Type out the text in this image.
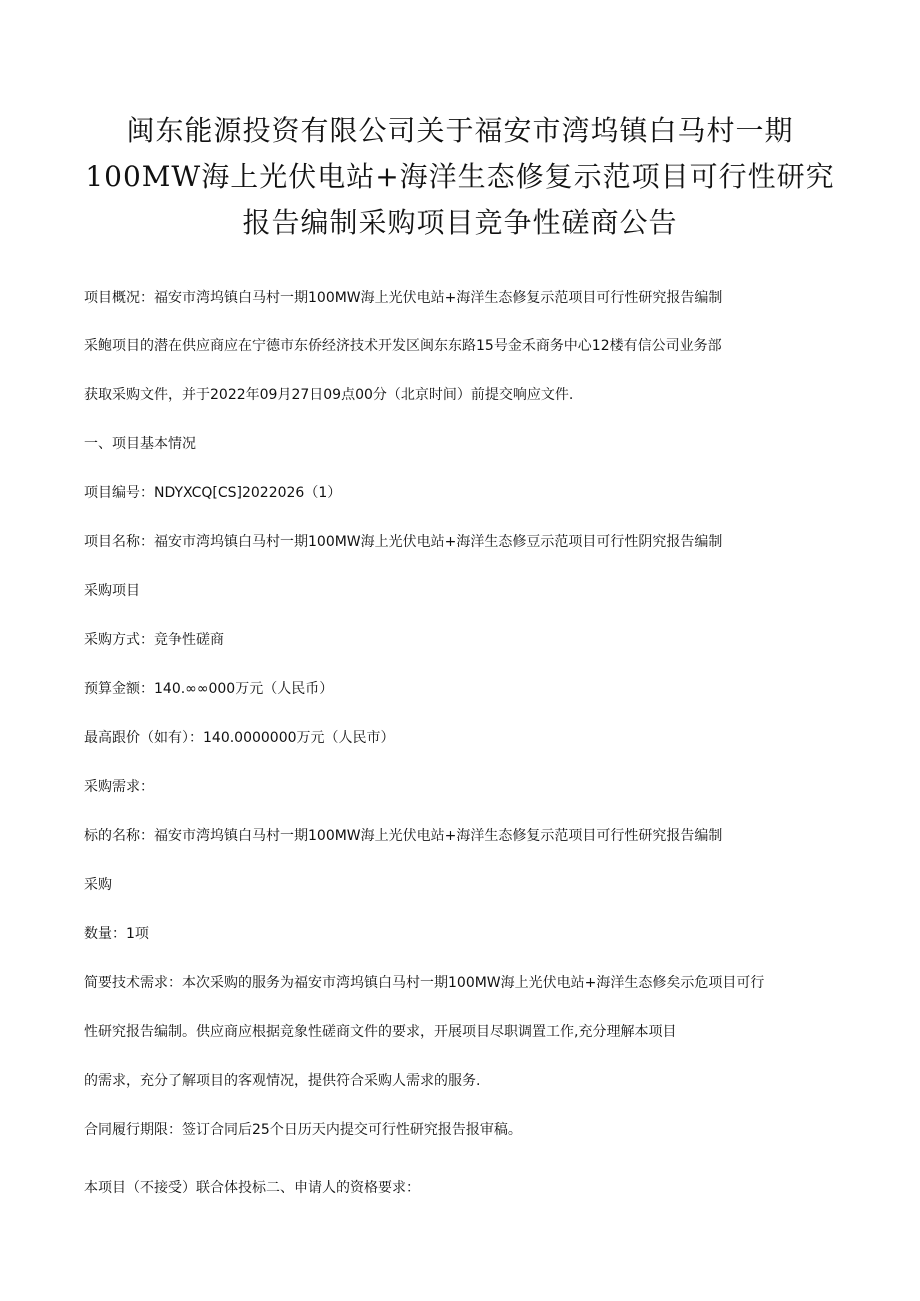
闽东能源投资有限公司关于福安市湾坞镇白马村一期
100MW海上光伏电站+海洋生态修复示范项目可行性研究
报告编制采购项目竞争性磋商公告
项目概况：福安市湾坞镇白马村一期100MW海上光伏电站+海洋生态修复示范项目可行性研究报告编制
采鲍项目的潜在供应商应在宁德市东侨经济技术开发区闽东东路15号金禾商务中心12楼有信公司业务部
获取采购文件，并于2022年09月27日09点00分（北京时间）前提交响应文件.
一、项目基本情况
项目编号：NDYXCQ[CS]2022026（1）
项目名称：福安市湾坞镇白马村一期100MW海上光伏电站+海洋生态修豆示范项目可行性阴究报告编制
采购项目
采购方式：竞争性磋商
预算金额：140.∞∞000万元（人民币）
最高跟价（如有）：140.0000000万元（人民市）
采购需求：
标的名称：福安市湾坞镇白马村一期100MW海上光伏电站+海洋生态修复示范项目可行性研究报告编制
采购
数量：1项
简要技术需求：本次采购的服务为福安市湾坞镇白马村一期100MW海上光伏电站+海洋生态修矣示危项目可行
性研究报告编制。供应商应根据竞象性磋商文件的要求，开展项目尽职调置工作,充分理解本项目
的需求，充分了解项目的客观情况，提供符合采购人需求的服务.
合同履行期限：签订合同后25个日历天内提交可行性研究报告报审稿。
本项目（不接受）联合体投标二、申请人的资格要求：
